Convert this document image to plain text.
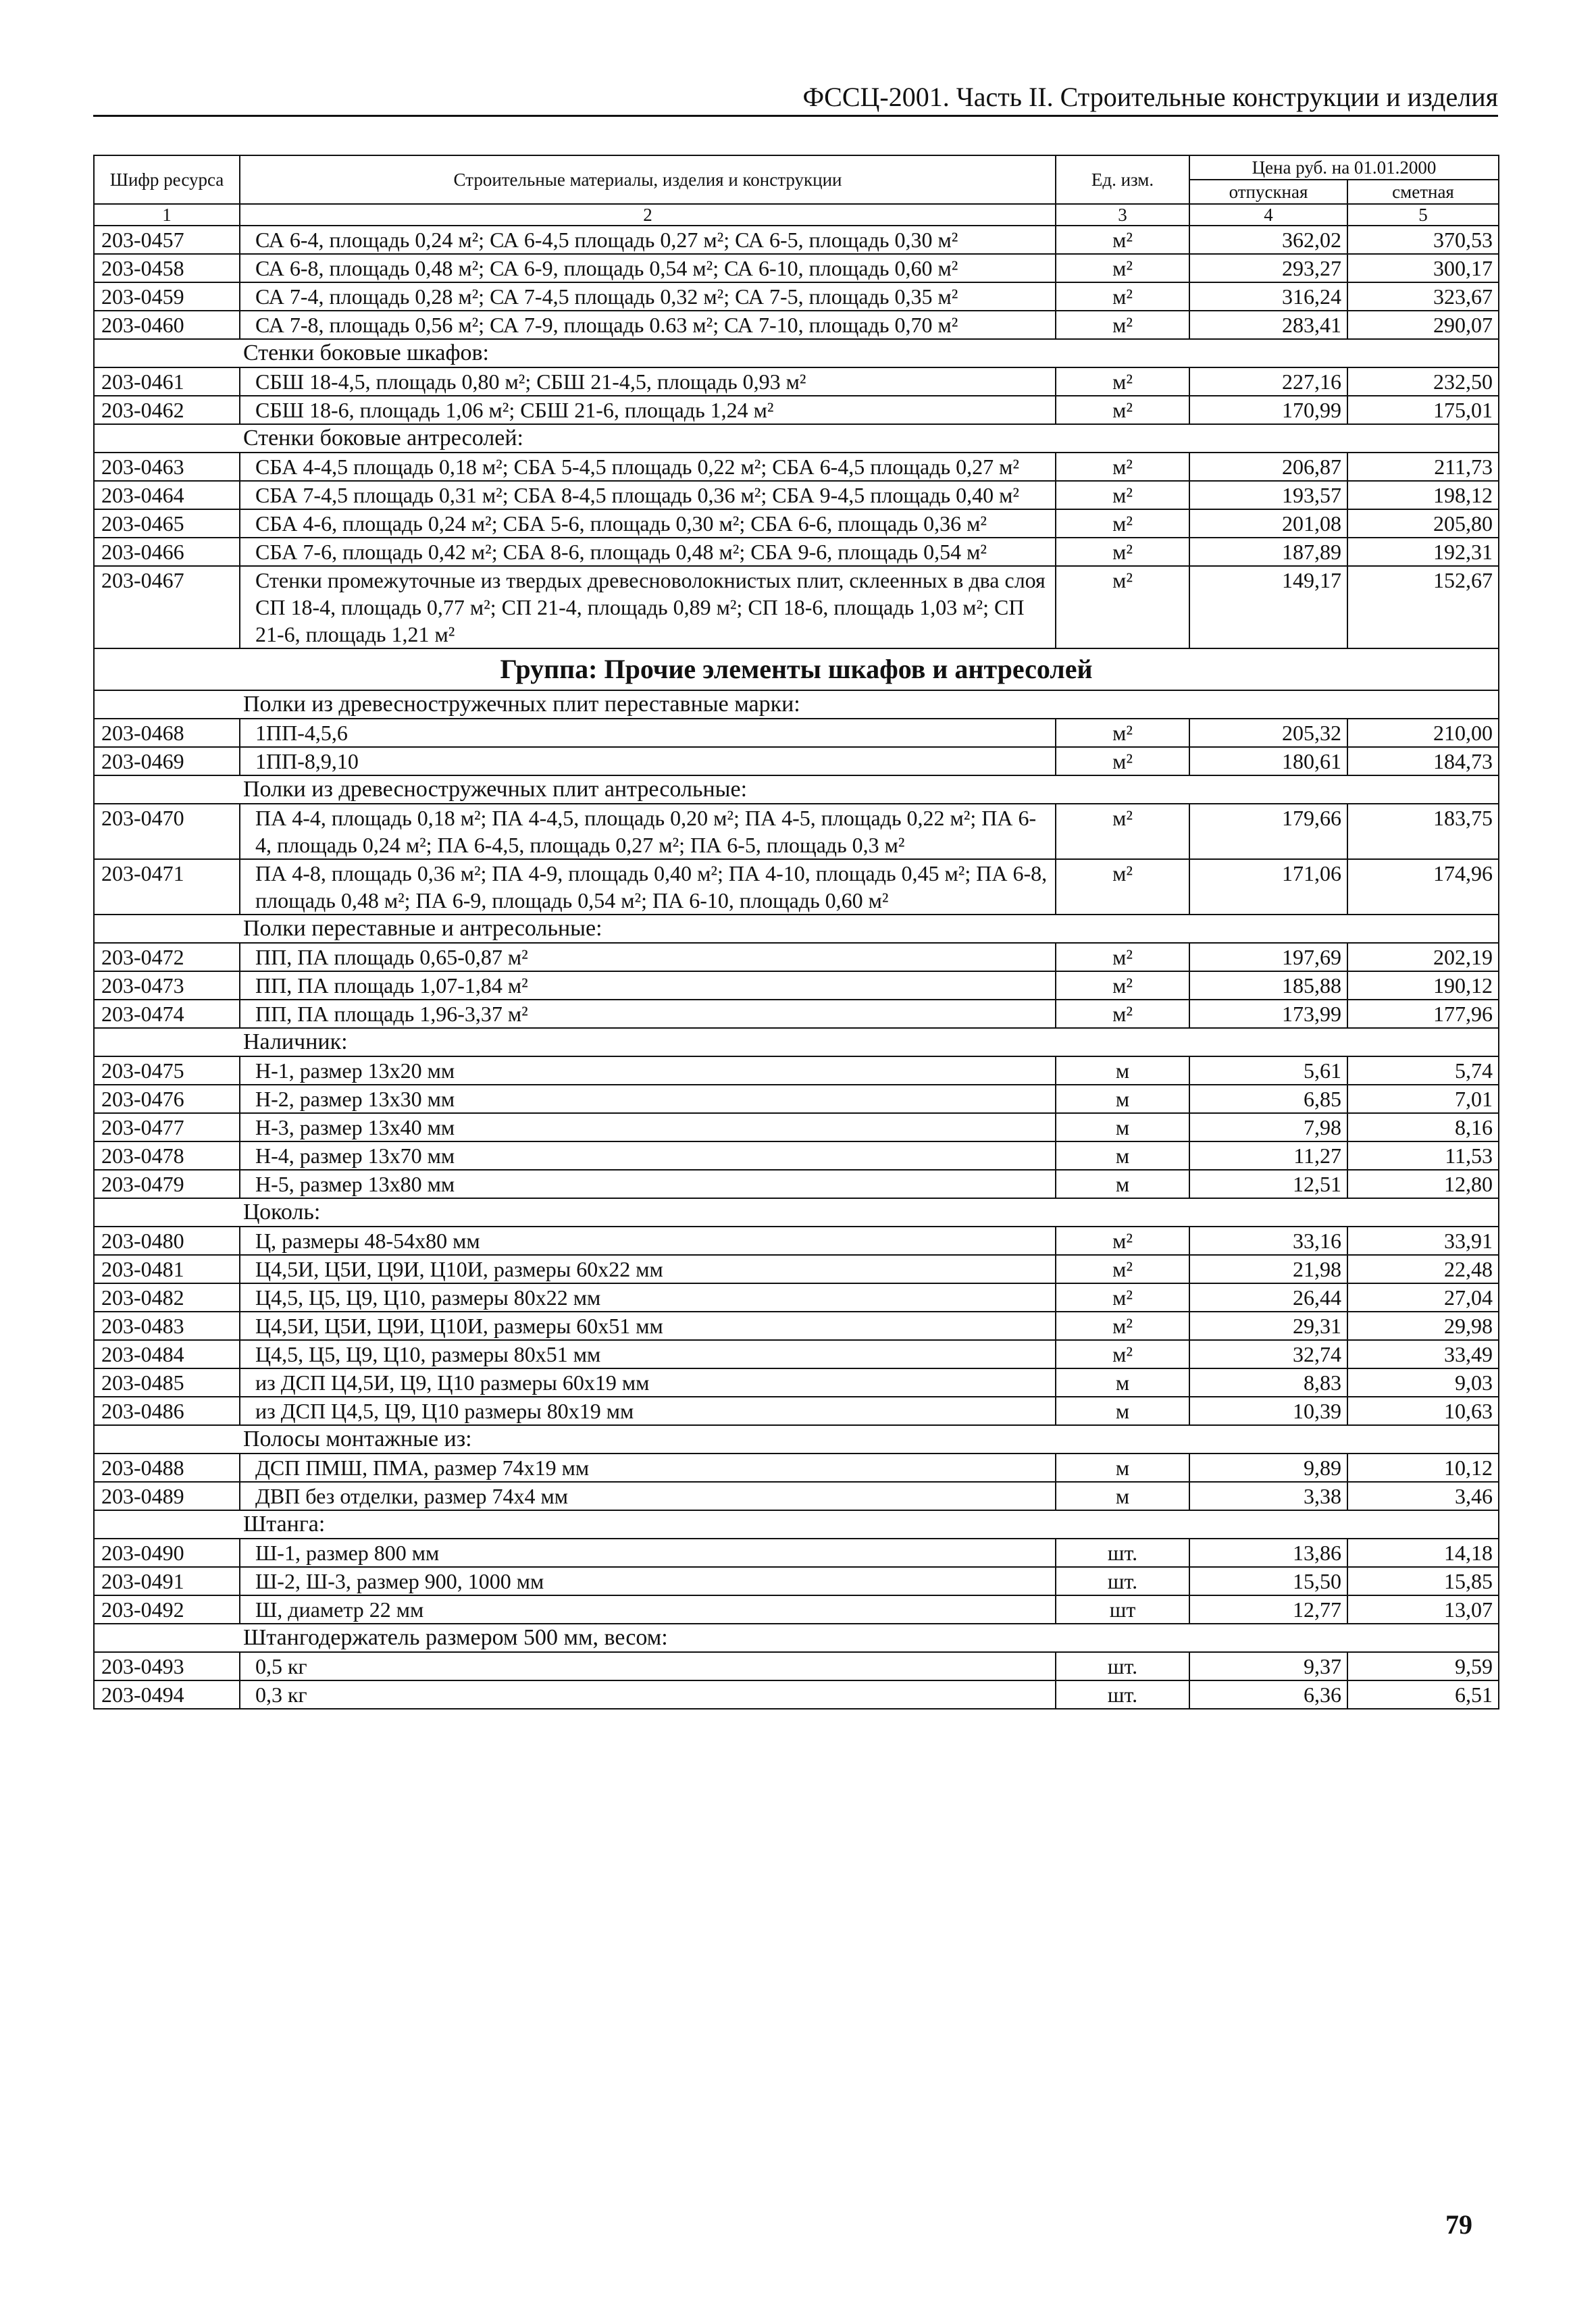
ФССЦ-2001. Часть II. Строительные конструкции и изделия
Шифр ресурса	Строительные материалы, изделия и конструкции	Ед. изм.	Цена руб. на 01.01.2000	
			отпускная	сметная
1	2	3	4	5
203-0457	СА 6-4, площадь 0,24 м²; СА 6-4,5 площадь 0,27 м²; СА 6-5, площадь 0,30 м²	м²	362,02	370,53
203-0458	СА 6-8, площадь 0,48 м²; СА 6-9, площадь 0,54 м²; СА 6-10, площадь 0,60 м²	м²	293,27	300,17
203-0459	СА 7-4, площадь 0,28 м²; СА 7-4,5 площадь 0,32 м²; СА 7-5, площадь 0,35 м²	м²	316,24	323,67
203-0460	СА 7-8, площадь 0,56 м²; СА 7-9, площадь 0.63 м²; СА 7-10, площадь 0,70 м²	м²	283,41	290,07
Стенки боковые шкафов:				
203-0461	СБШ 18-4,5, площадь 0,80 м²; СБШ 21-4,5, площадь 0,93 м²	м²	227,16	232,50
203-0462	СБШ 18-6, площадь 1,06 м²; СБШ 21-6, площадь 1,24 м²	м²	170,99	175,01
Стенки боковые антресолей:				
203-0463	СБА 4-4,5 площадь 0,18 м²; СБА 5-4,5 площадь 0,22 м²; СБА 6-4,5 площадь 0,27 м²	м²	206,87	211,73
203-0464	СБА 7-4,5 площадь 0,31 м²; СБА 8-4,5 площадь 0,36 м²; СБА 9-4,5 площадь 0,40 м²	м²	193,57	198,12
203-0465	СБА 4-6, площадь 0,24 м²; СБА 5-6, площадь 0,30 м²; СБА 6-6, площадь 0,36 м²	м²	201,08	205,80
203-0466	СБА 7-6, площадь 0,42 м²; СБА 8-6, площадь 0,48 м²; СБА 9-6, площадь 0,54 м²	м²	187,89	192,31
203-0467	Стенки промежуточные из твердых древесноволокнистых плит, склеенных в два слоя СП 18-4, площадь 0,77 м²; СП 21-4, площадь 0,89 м²; СП 18-6, площадь 1,03 м²; СП 21-6, площадь 1,21 м²	м²	149,17	152,67
Группа: Прочие элементы шкафов и антресолей				
Полки из древесностружечных плит переставные марки:				
203-0468	1ПП-4,5,6	м²	205,32	210,00
203-0469	1ПП-8,9,10	м²	180,61	184,73
Полки из древесностружечных плит антресольные:				
203-0470	ПА 4-4, площадь 0,18 м²; ПА 4-4,5, площадь 0,20 м²; ПА 4-5, площадь 0,22 м²; ПА 6-4, площадь 0,24 м²; ПА 6-4,5, площадь 0,27 м²; ПА 6-5, площадь 0,3 м²	м²	179,66	183,75
203-0471	ПА 4-8, площадь 0,36 м²; ПА 4-9, площадь 0,40 м²; ПА 4-10, площадь 0,45 м²; ПА 6-8, площадь 0,48 м²; ПА 6-9, площадь 0,54 м²; ПА 6-10, площадь 0,60 м²	м²	171,06	174,96
Полки переставные и антресольные:				
203-0472	ПП, ПА площадь 0,65-0,87 м²	м²	197,69	202,19
203-0473	ПП, ПА площадь 1,07-1,84 м²	м²	185,88	190,12
203-0474	ПП, ПА площадь 1,96-3,37 м²	м²	173,99	177,96
Наличник:				
203-0475	Н-1, размер 13х20 мм	м	5,61	5,74
203-0476	Н-2, размер 13х30 мм	м	6,85	7,01
203-0477	Н-3, размер 13х40 мм	м	7,98	8,16
203-0478	Н-4, размер 13х70 мм	м	11,27	11,53
203-0479	Н-5, размер 13х80 мм	м	12,51	12,80
Цоколь:				
203-0480	Ц, размеры 48-54х80 мм	м²	33,16	33,91
203-0481	Ц4,5И, Ц5И, Ц9И, Ц10И, размеры 60х22 мм	м²	21,98	22,48
203-0482	Ц4,5, Ц5, Ц9, Ц10, размеры 80х22 мм	м²	26,44	27,04
203-0483	Ц4,5И, Ц5И, Ц9И, Ц10И, размеры 60х51 мм	м²	29,31	29,98
203-0484	Ц4,5, Ц5, Ц9, Ц10, размеры 80х51 мм	м²	32,74	33,49
203-0485	из ДСП Ц4,5И, Ц9, Ц10 размеры 60х19 мм	м	8,83	9,03
203-0486	из ДСП Ц4,5, Ц9, Ц10 размеры 80х19 мм	м	10,39	10,63
Полосы монтажные из:				
203-0488	ДСП ПМШ, ПМА, размер 74х19 мм	м	9,89	10,12
203-0489	ДВП без отделки, размер 74х4 мм	м	3,38	3,46
Штанга:				
203-0490	Ш-1, размер 800 мм	шт.	13,86	14,18
203-0491	Ш-2, Ш-3, размер 900, 1000 мм	шт.	15,50	15,85
203-0492	Ш, диаметр 22 мм	шт	12,77	13,07
Штангодержатель размером 500 мм, весом:				
203-0493	0,5 кг	шт.	9,37	9,59
203-0494	0,3 кг	шт.	6,36	6,51
79
